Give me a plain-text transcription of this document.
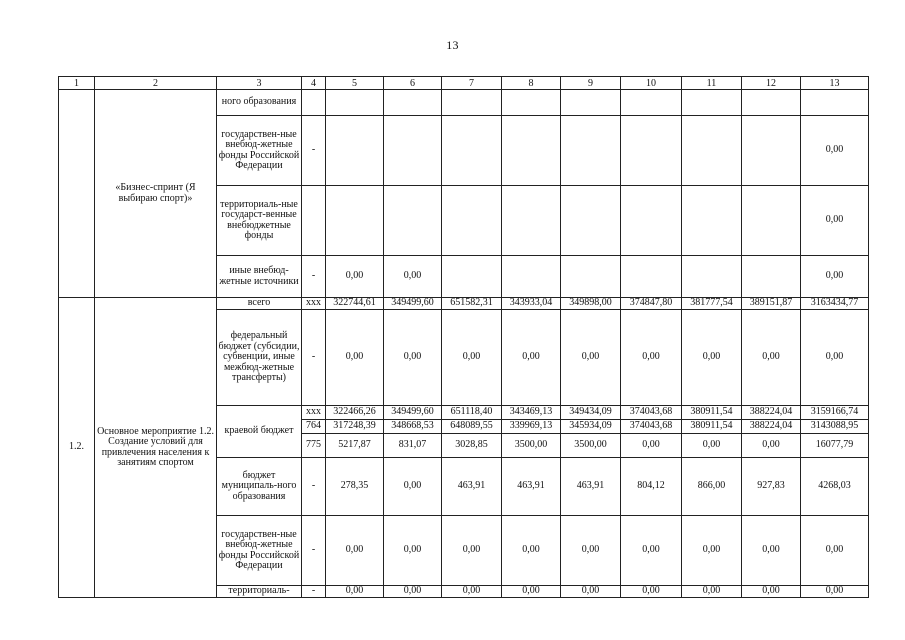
13
1	2	3	4	5	6	7	8	9	10	11	12	13
	«Бизнес-спринт (Я выбираю спорт)»	ного образования										
		государствен-ные внебюд-жетные фонды Российской Федерации	-									0,00
		территориаль-ные государст-венные внебюджетные фонды										0,00
		иные внебюд-жетные источники	-	0,00	0,00							0,00
1.2.	Основное мероприятие 1.2. Создание условий для привлечения населения к занятиям спортом	всего	ххх	322744,61	349499,60	651582,31	343933,04	349898,00	374847,80	381777,54	389151,87	3163434,77
		федеральный бюджет (субсидии, субвенции, иные межбюд-жетные трансферты)	-	0,00	0,00	0,00	0,00	0,00	0,00	0,00	0,00	0,00
		краевой бюджет	ххх	322466,26	349499,60	651118,40	343469,13	349434,09	374043,68	380911,54	388224,04	3159166,74
			764	317248,39	348668,53	648089,55	339969,13	345934,09	374043,68	380911,54	388224,04	3143088,95
			775	5217,87	831,07	3028,85	3500,00	3500,00	0,00	0,00	0,00	16077,79
		бюджет муниципаль-ного образования	-	278,35	0,00	463,91	463,91	463,91	804,12	866,00	927,83	4268,03
		государствен-ные внебюд-жетные фонды Российской Федерации	-	0,00	0,00	0,00	0,00	0,00	0,00	0,00	0,00	0,00
		территориаль-	-	0,00	0,00	0,00	0,00	0,00	0,00	0,00	0,00	0,00
